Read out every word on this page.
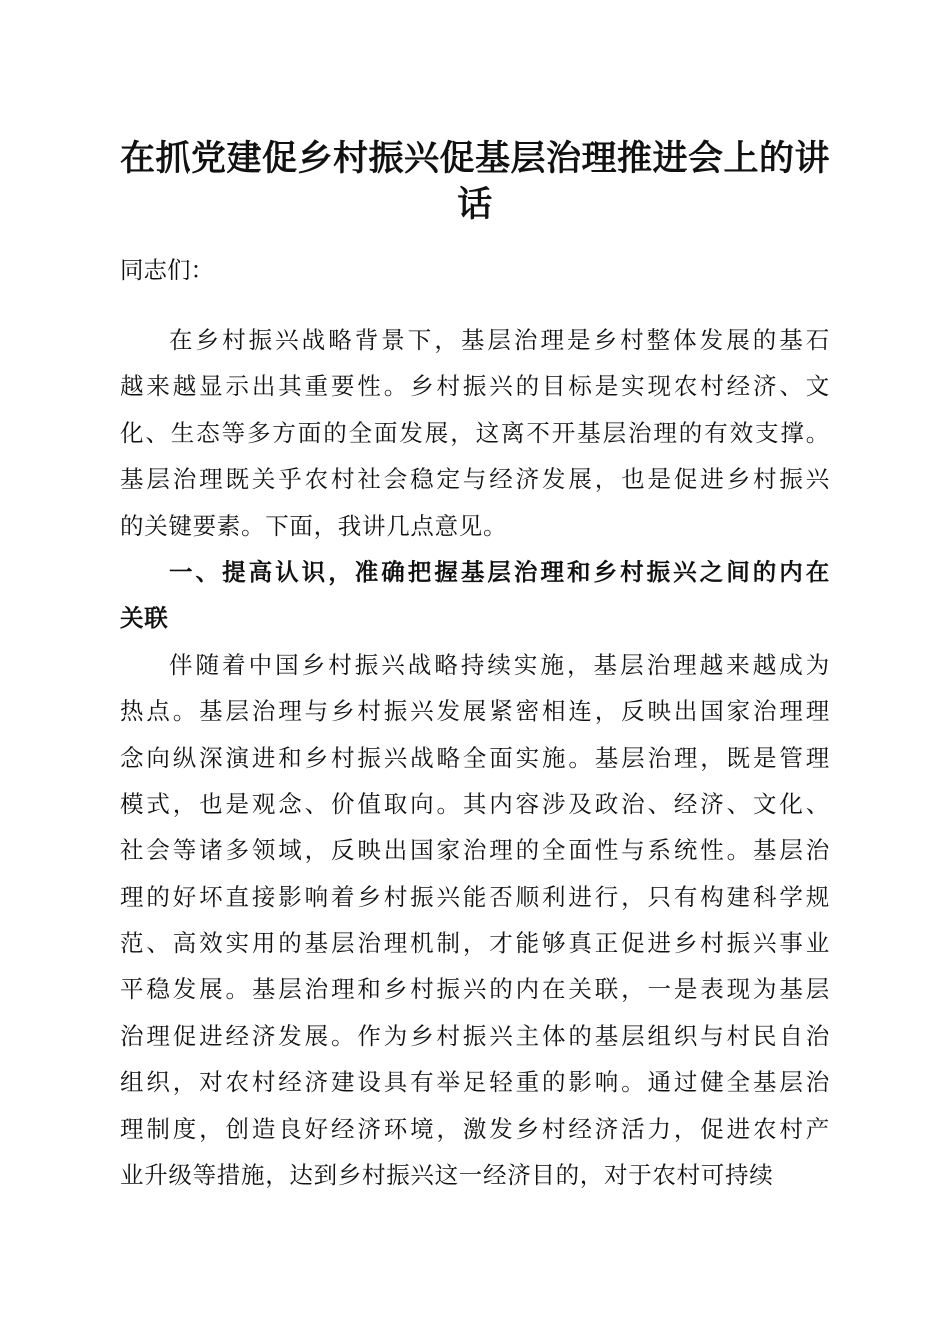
在抓党建促乡村振兴促基层治理推进会上的讲
话
同志们：
在乡村振兴战略背景下，基层治理是乡村整体发展的基石
越来越显示出其重要性。乡村振兴的目标是实现农村经济、文
化、生态等多方面的全面发展，这离不开基层治理的有效支撑。
基层治理既关乎农村社会稳定与经济发展，也是促进乡村振兴
的关键要素。下面，我讲几点意见。
一、提高认识，准确把握基层治理和乡村振兴之间的内在
关联
伴随着中国乡村振兴战略持续实施，基层治理越来越成为
热点。基层治理与乡村振兴发展紧密相连，反映出国家治理理
念向纵深演进和乡村振兴战略全面实施。基层治理，既是管理
模式，也是观念、价值取向。其内容涉及政治、经济、文化、
社会等诸多领域，反映出国家治理的全面性与系统性。基层治
理的好坏直接影响着乡村振兴能否顺利进行，只有构建科学规
范、高效实用的基层治理机制，才能够真正促进乡村振兴事业
平稳发展。基层治理和乡村振兴的内在关联，一是表现为基层
治理促进经济发展。作为乡村振兴主体的基层组织与村民自治
组织，对农村经济建设具有举足轻重的影响。通过健全基层治
理制度，创造良好经济环境，激发乡村经济活力，促进农村产
业升级等措施，达到乡村振兴这一经济目的，对于农村可持续
